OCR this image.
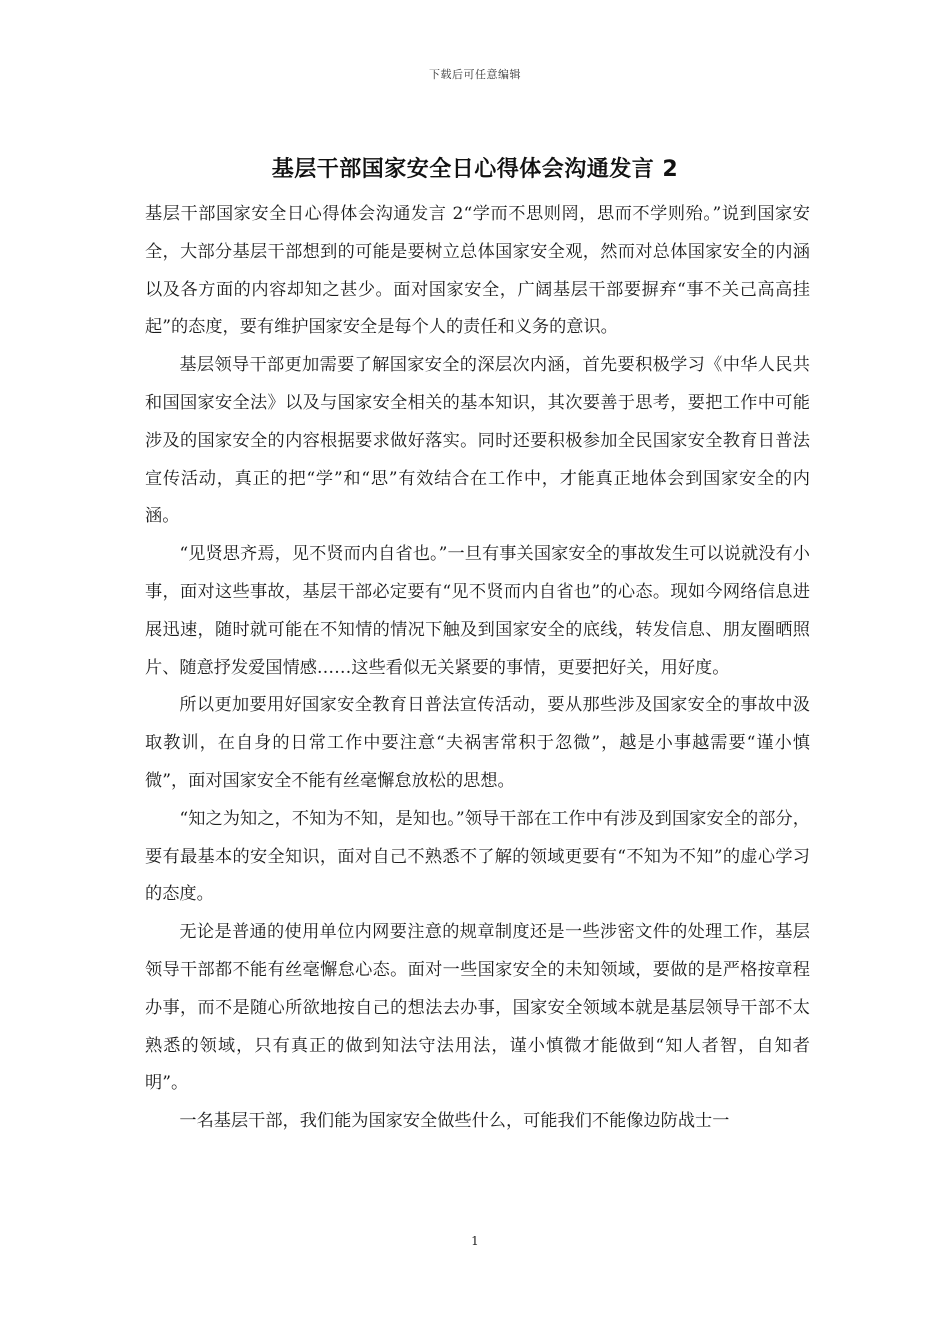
下载后可任意编辑
基层干部国家安全日心得体会沟通发言 2

基层干部国家安全日心得体会沟通发言 2“学而不思则罔，思而不学则殆。”说到国家安全，大部分基层干部想到的可能是要树立总体国家安全观，然而对总体国家安全的内涵以及各方面的内容却知之甚少。面对国家安全，广阔基层干部要摒弃“事不关己高高挂起”的态度，要有维护国家安全是每个人的责任和义务的意识。

基层领导干部更加需要了解国家安全的深层次内涵，首先要积极学习《中华人民共和国国家安全法》以及与国家安全相关的基本知识，其次要善于思考，要把工作中可能涉及的国家安全的内容根据要求做好落实。同时还要积极参加全民国家安全教育日普法宣传活动，真正的把“学”和“思”有效结合在工作中，才能真正地体会到国家安全的内涵。

“见贤思齐焉，见不贤而内自省也。”一旦有事关国家安全的事故发生可以说就没有小事，面对这些事故，基层干部必定要有“见不贤而内自省也”的心态。现如今网络信息进展迅速，随时就可能在不知情的情况下触及到国家安全的底线，转发信息、朋友圈晒照片、随意抒发爱国情感……这些看似无关紧要的事情，更要把好关，用好度。

所以更加要用好国家安全教育日普法宣传活动，要从那些涉及国家安全的事故中汲取教训，在自身的日常工作中要注意“夫祸害常积于忽微”，越是小事越需要“谨小慎微”，面对国家安全不能有丝毫懈怠放松的思想。

“知之为知之，不知为不知，是知也。”领导干部在工作中有涉及到国家安全的部分，要有最基本的安全知识，面对自己不熟悉不了解的领域更要有“不知为不知”的虚心学习的态度。

无论是普通的使用单位内网要注意的规章制度还是一些涉密文件的处理工作，基层领导干部都不能有丝毫懈怠心态。面对一些国家安全的未知领域，要做的是严格按章程办事，而不是随心所欲地按自己的想法去办事，国家安全领域本就是基层领导干部不太熟悉的领域，只有真正的做到知法守法用法，谨小慎微才能做到“知人者智，自知者明”。

一名基层干部，我们能为国家安全做些什么，可能我们不能像边防战士一

1
